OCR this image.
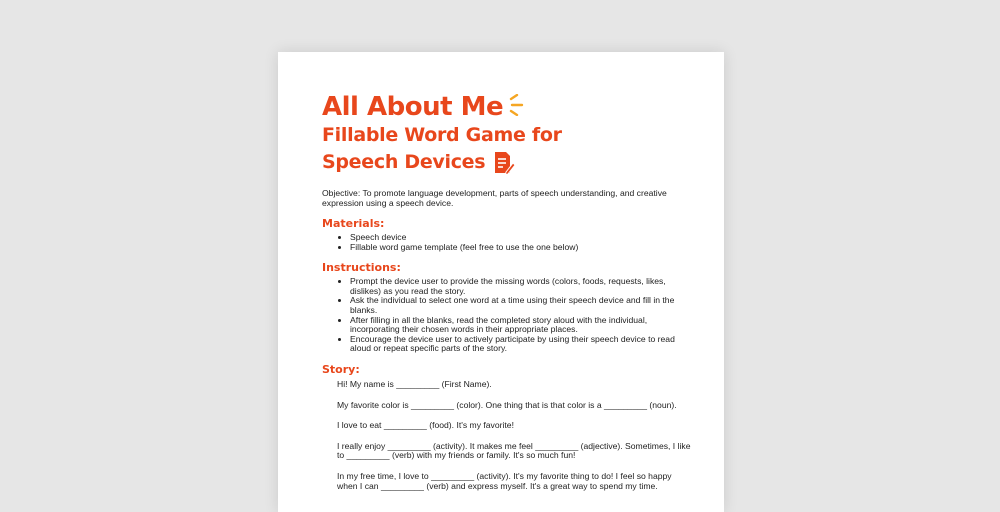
All About Me
Fillable Word Game for
Speech Devices
Objective: To promote language development, parts of speech understanding, and creative expression using a speech device.
Materials:
• Speech device
• Fillable word game template (feel free to use the one below)
Instructions:
• Prompt the device user to provide the missing words (colors, foods, requests, likes, dislikes) as you read the story.
• Ask the individual to select one word at a time using their speech device and fill in the blanks.
• After filling in all the blanks, read the completed story aloud with the individual, incorporating their chosen words in their appropriate places.
• Encourage the device user to actively participate by using their speech device to read aloud or repeat specific parts of the story.
Story:

Hi! My name is _________ (First Name).

My favorite color is _________ (color). One thing that is that color is a _________ (noun).

I love to eat _________ (food). It's my favorite!

I really enjoy _________ (activity). It makes me feel _________ (adjective). Sometimes, I like to _________ (verb) with my friends or family. It's so much fun!

In my free time, I love to _________ (activity). It's my favorite thing to do! I feel so happy when I can _________ (verb) and express myself. It's a great way to spend my time.
